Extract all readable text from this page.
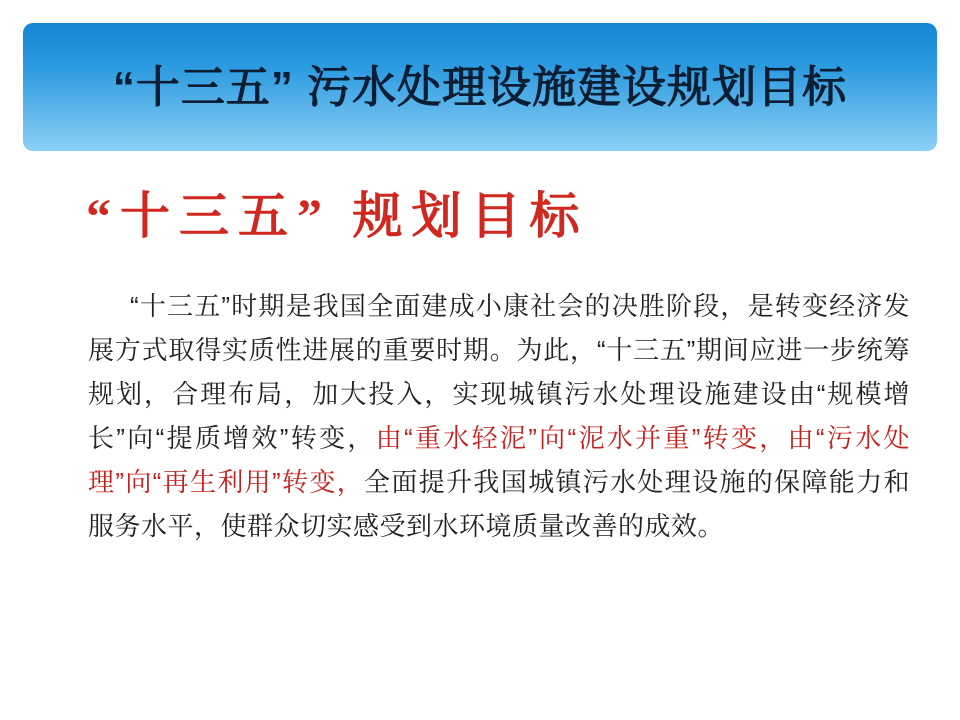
“十三五” 污水处理设施建设规划目标
“十三五” 规划目标

“十三五”时期是我国全面建成小康社会的决胜阶段，是转变经济发展方式取得实质性进展的重要时期。为此，“十三五”期间应进一步统筹规划，合理布局，加大投入，实现城镇污水处理设施建设由“规模增长”向“提质增效”转变，由“重水轻泥”向“泥水并重”转变，由“污水处理”向“再生利用”转变，全面提升我国城镇污水处理设施的保障能力和服务水平，使群众切实感受到水环境质量改善的成效。
